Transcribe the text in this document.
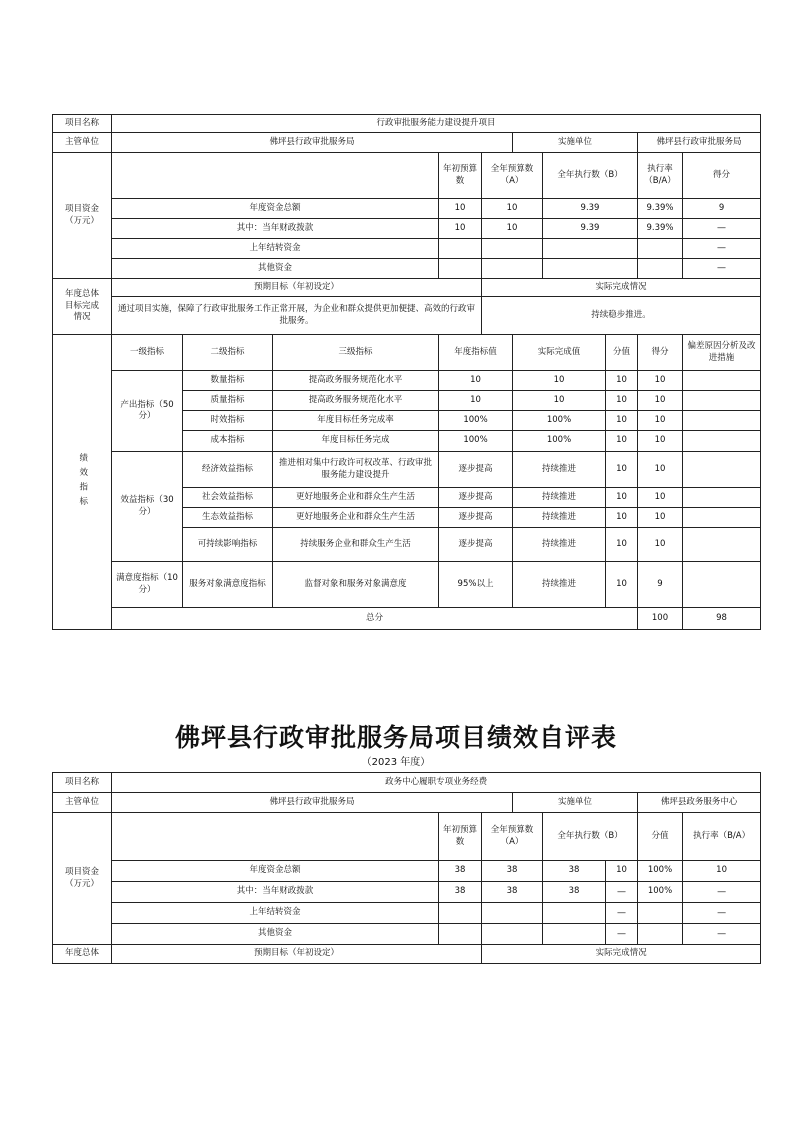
项目名称	行政审批服务能力建设提升项目										
主管单位	佛坪县行政审批服务局					实施单位			佛坪县行政审批服务局		
项目资金
（万元）				年初预算数	全年预算数（A）		全年执行数（B）		执行率（B/A）	得分	
	年度资金总额			10	10		9.39		9.39%	9	
	其中：当年财政拨款			10	10		9.39		9.39%	—	
	上年结转资金									—	
	其他资金									—	
年度总体
目标完成
情况	预期目标（年初设定）				实际完成情况						
	通过项目实施，保障了行政审批服务工作正常开展，为企业和群众提供更加便捷、高效的行政审批服务。				持续稳步推进。						
绩效指标	一级指标	二级指标	三级指标	年度指标值		实际完成值		分值	得分	偏差原因分析及改进措施	
	产出指标（50分）	数量指标	提高政务服务规范化水平	10		10		10	10		
		质量指标	提高政务服务规范化水平	10		10		10	10		
		时效指标	年度目标任务完成率	100%		100%		10	10		
		成本指标	年度目标任务完成	100%		100%		10	10		
	效益指标（30分）	经济效益指标	推进相对集中行政许可权改革、行政审批服务能力建设提升	逐步提高		持续推进		10	10		
		社会效益指标	更好地服务企业和群众生产生活	逐步提高		持续推进		10	10		
		生态效益指标	更好地服务企业和群众生产生活	逐步提高		持续推进		10	10		
		可持续影响指标	持续服务企业和群众生产生活	逐步提高		持续推进		10	10		
	满意度指标（10分）	服务对象满意度指标	监督对象和服务对象满意度	95%以上		持续推进		10	9		
	总分								100	98	
佛坪县行政审批服务局项目绩效自评表
（2023 年度）
项目名称	政务中心履职专项业务经费								
主管单位	佛坪县行政审批服务局			实施单位			佛坪县政务服务中心		
项目资金
（万元）		年初预算数	全年预算数（A）		全年执行数（B）		分值	执行率（B/A）	
	年度资金总额	38	38		38	10	100%	10	
	其中：当年财政拨款	38	38		38	—	100%	—	
	上年结转资金					—		—	
	其他资金					—		—	
年度总体	预期目标（年初设定）		实际完成情况						
